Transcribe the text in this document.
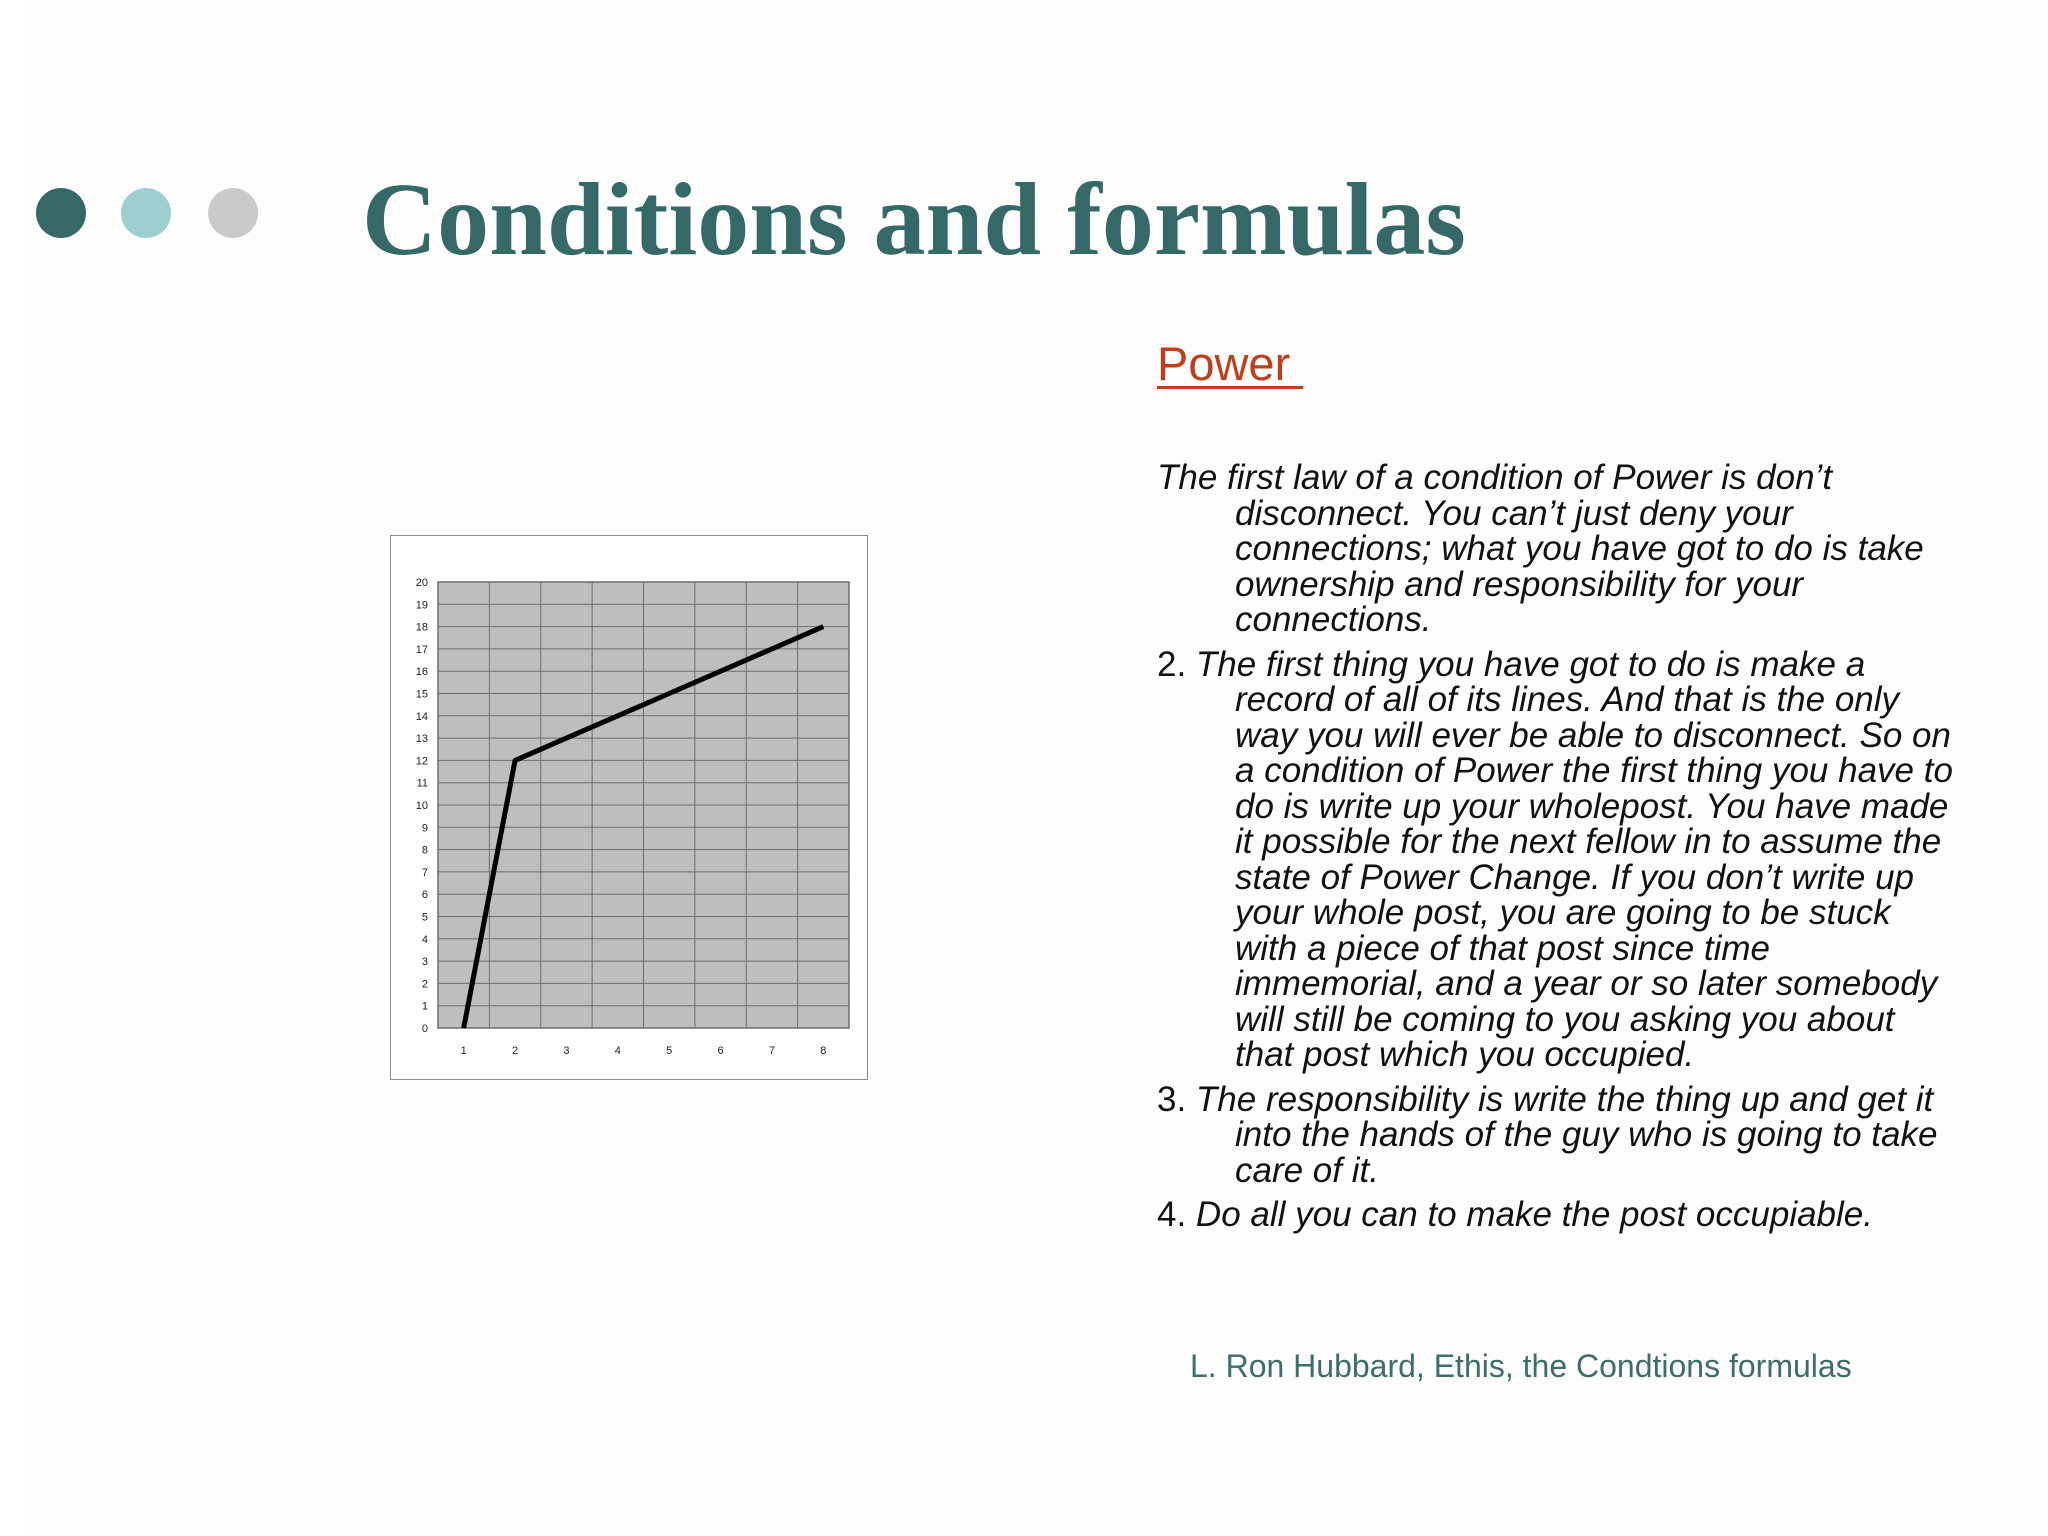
Conditions and formulas
0
1
2
3
4
5
6
7
8
9
10
11
12
13
14
15
16
17
18
19
20
1	2	3	4	5	6	7	8
Power
The first law of a condition of Power is don’t disconnect. You can’t just deny your connections; what you have got to do is take ownership and responsibility for your connections.
2. The first thing you have got to do is make a record of all of its lines. And that is the only way you will ever be able to disconnect. So on a condition of Power the first thing you have to do is write up your wholepost. You have made it possible for the next fellow in to assume the state of Power Change. If you don’t write up your whole post, you are going to be stuck with a piece of that post since time immemorial, and a year or so later somebody will still be coming to you asking you about that post which you occupied.
3. The responsibility is write the thing up and get it into the hands of the guy who is going to take care of it.
4. Do all you can to make the post occupiable.

L. Ron Hubbard, Ethis, the Condtions formulas
